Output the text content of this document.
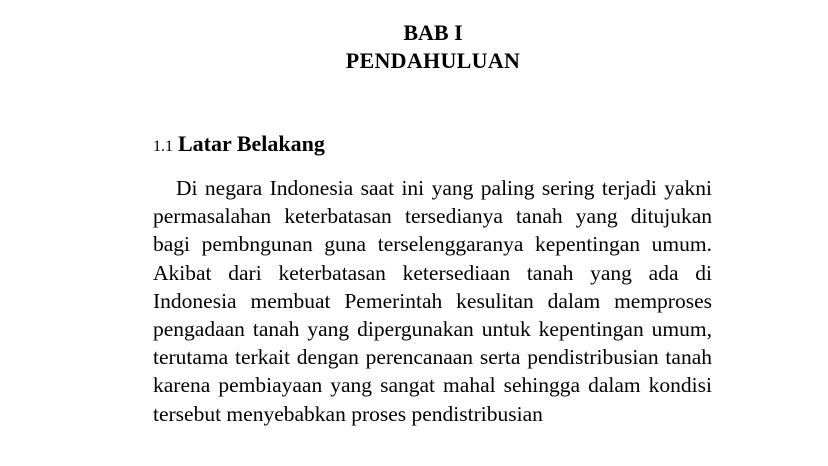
BAB I
PENDAHULUAN
1.1 Latar Belakang

Di negara Indonesia saat ini yang paling sering terjadi yakni permasalahan keterbatasan tersedianya tanah yang ditujukan bagi pembngunan guna terselenggaranya kepentingan umum. Akibat dari keterbatasan ketersediaan tanah yang ada di Indonesia membuat Pemerintah kesulitan dalam memproses pengadaan tanah yang dipergunakan untuk kepentingan umum, terutama terkait dengan perencanaan serta pendistribusian tanah karena pembiayaan yang sangat mahal sehingga dalam kondisi tersebut menyebabkan proses pendistribusian
